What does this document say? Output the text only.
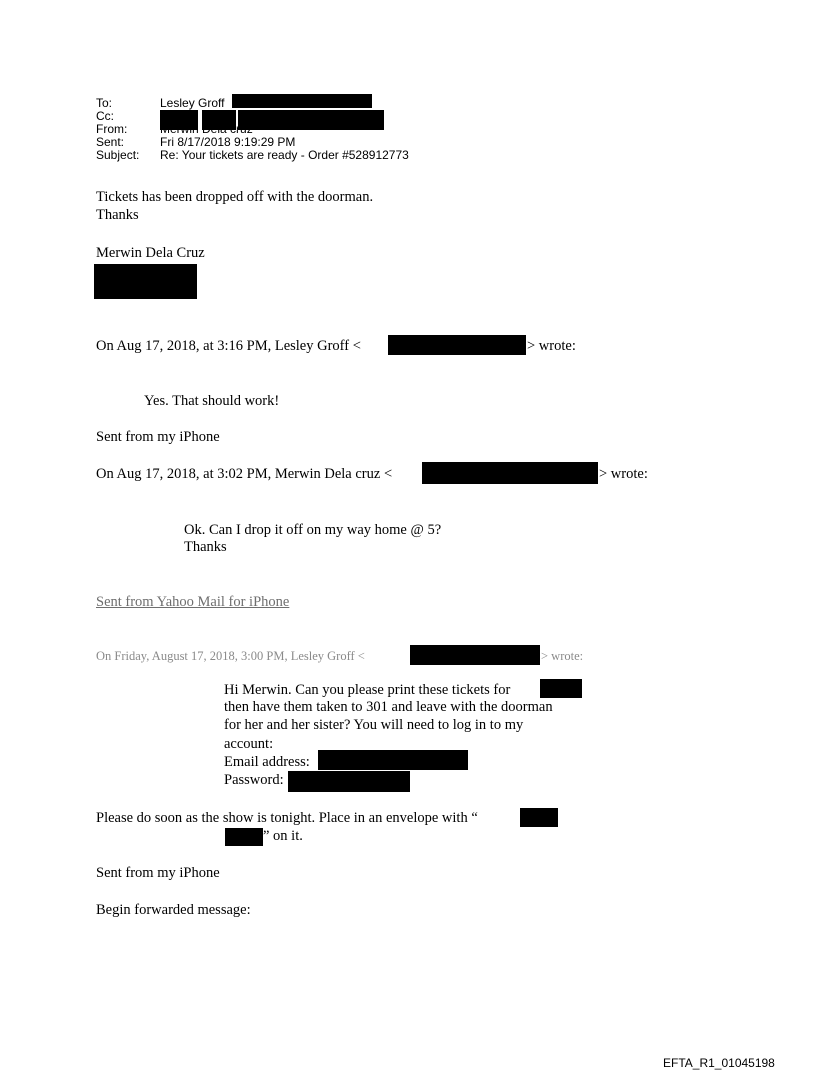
To:	Lesley Groff
Cc:
From:	Merwin Dela cruz
Sent:	Fri 8/17/2018 9:19:29 PM
Subject: Re: Your tickets are ready - Order #528912773
Tickets has been dropped off with the doorman.
Thanks
Merwin Dela Cruz
On Aug 17, 2018, at 3:16 PM, Lesley Groff <	> wrote:
Yes. That should work!
Sent from my iPhone
On Aug 17, 2018, at 3:02 PM, Merwin Dela cruz <	> wrote:
Ok. Can I drop it off on my way home @ 5?
Thanks
Sent from Yahoo Mail for iPhone
On Friday, August 17, 2018, 3:00 PM, Lesley Groff <	> wrote:
Hi Merwin. Can you please print these tickets for
then have them taken to 301 and leave with the doorman
for her and her sister? You will need to log in to my
account:
Email address:
Password:
Please do soon as the show is tonight. Place in an envelope with “
” on it.
Sent from my iPhone
Begin forwarded message:
EFTA_R1_01045198
